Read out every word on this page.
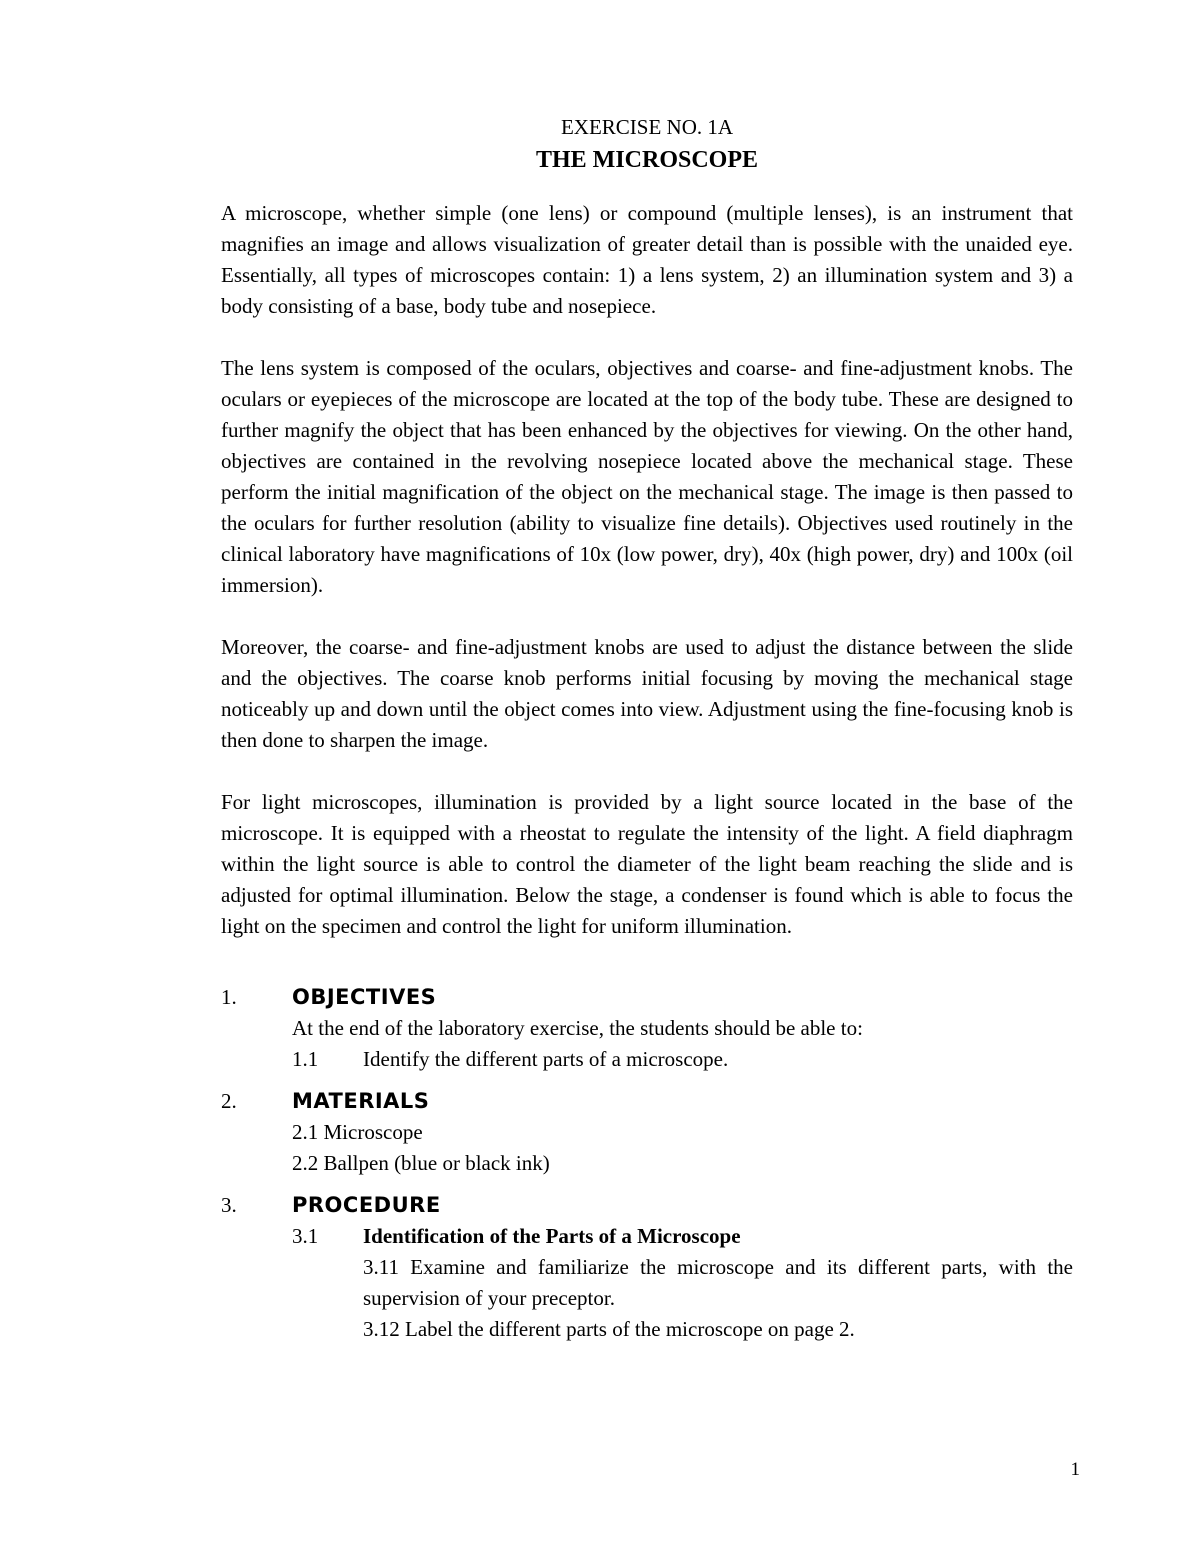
EXERCISE NO. 1A
THE MICROSCOPE

A microscope, whether simple (one lens) or compound (multiple lenses), is an instrument that magnifies an image and allows visualization of greater detail than is possible with the unaided eye. Essentially, all types of microscopes contain: 1) a lens system, 2) an illumination system and 3) a body consisting of a base, body tube and nosepiece.

The lens system is composed of the oculars, objectives and coarse- and fine-adjustment knobs. The oculars or eyepieces of the microscope are located at the top of the body tube. These are designed to further magnify the object that has been enhanced by the objectives for viewing. On the other hand, objectives are contained in the revolving nosepiece located above the mechanical stage. These perform the initial magnification of the object on the mechanical stage. The image is then passed to the oculars for further resolution (ability to visualize fine details). Objectives used routinely in the clinical laboratory have magnifications of 10x (low power, dry), 40x (high power, dry) and 100x (oil immersion).

Moreover, the coarse- and fine-adjustment knobs are used to adjust the distance between the slide and the objectives. The coarse knob performs initial focusing by moving the mechanical stage noticeably up and down until the object comes into view. Adjustment using the fine-focusing knob is then done to sharpen the image.

For light microscopes, illumination is provided by a light source located in the base of the microscope. It is equipped with a rheostat to regulate the intensity of the light. A field diaphragm within the light source is able to control the diameter of the light beam reaching the slide and is adjusted for optimal illumination. Below the stage, a condenser is found which is able to focus the light on the specimen and control the light for uniform illumination.

1.	OBJECTIVES
At the end of the laboratory exercise, the students should be able to:
1.1	Identify the different parts of a microscope.
2.	MATERIALS
2.1 Microscope
2.2 Ballpen (blue or black ink)
3.	PROCEDURE
3.1	Identification of the Parts of a Microscope
3.11 Examine and familiarize the microscope and its different parts, with the supervision of your preceptor.
3.12 Label the different parts of the microscope on page 2.
1
